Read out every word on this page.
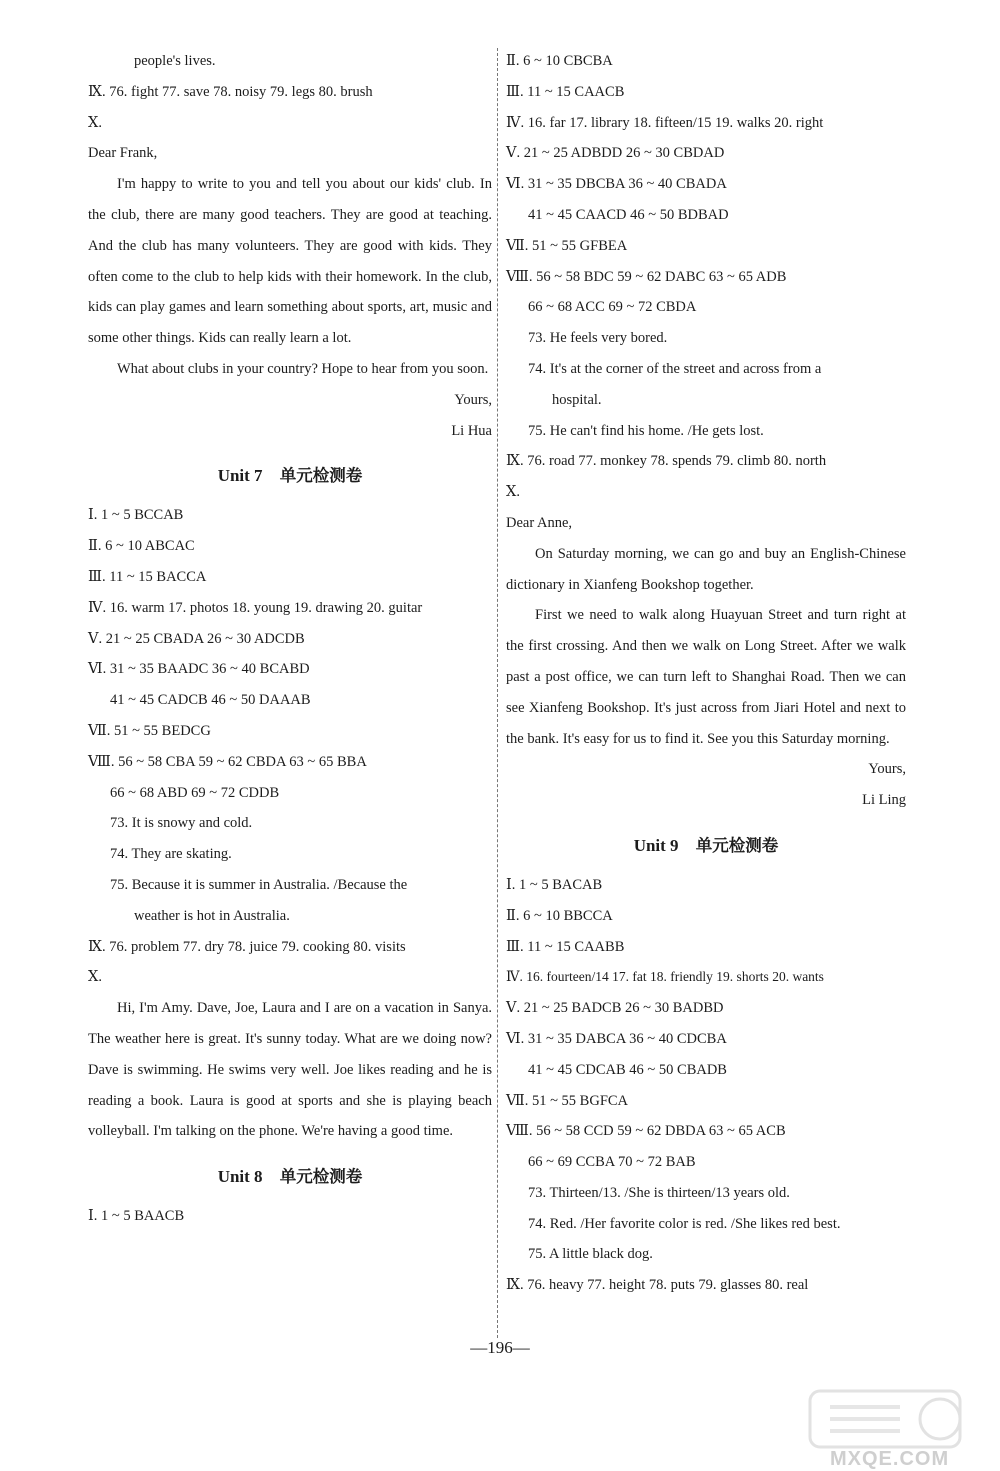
people's lives.
Ⅸ. 76. fight 77. save 78. noisy 79. legs 80. brush
Ⅹ.
Dear Frank,

I'm happy to write to you and tell you about our kids' club. In the club, there are many good teachers. They are good at teaching. And the club has many volunteers. They are good with kids. They often come to the club to help kids with their homework. In the club, kids can play games and learn something about sports, art, music and some other things. Kids can really learn a lot.

What about clubs in your country? Hope to hear from you soon.

Yours,
Li Hua
Unit 7 单元检测卷
Ⅰ. 1 ~ 5 BCCAB
Ⅱ. 6 ~ 10 ABCAC
Ⅲ. 11 ~ 15 BACCA
Ⅳ. 16. warm 17. photos 18. young 19. drawing 20. guitar
Ⅴ. 21 ~ 25 CBADA 26 ~ 30 ADCDB
Ⅵ. 31 ~ 35 BAADC 36 ~ 40 BCABD
41 ~ 45 CADCB 46 ~ 50 DAAAB
Ⅶ. 51 ~ 55 BEDCG
Ⅷ. 56 ~ 58 CBA 59 ~ 62 CBDA 63 ~ 65 BBA
66 ~ 68 ABD 69 ~ 72 CDDB
73. It is snowy and cold.
74. They are skating.
75. Because it is summer in Australia. /Because the
weather is hot in Australia.
Ⅸ. 76. problem 77. dry 78. juice 79. cooking 80. visits
Ⅹ.

Hi, I'm Amy. Dave, Joe, Laura and I are on a vacation in Sanya. The weather here is great. It's sunny today. What are we doing now? Dave is swimming. He swims very well. Joe likes reading and he is reading a book. Laura is good at sports and she is playing beach volleyball. I'm talking on the phone. We're having a good time.

Unit 8 单元检测卷
Ⅰ. 1 ~ 5 BAACB
Ⅱ. 6 ~ 10 CBCBA
Ⅲ. 11 ~ 15 CAACB
Ⅳ. 16. far 17. library 18. fifteen/15 19. walks 20. right
Ⅴ. 21 ~ 25 ADBDD 26 ~ 30 CBDAD
Ⅵ. 31 ~ 35 DBCBA 36 ~ 40 CBADA
41 ~ 45 CAACD 46 ~ 50 BDBAD
Ⅶ. 51 ~ 55 GFBEA
Ⅷ. 56 ~ 58 BDC 59 ~ 62 DABC 63 ~ 65 ADB
66 ~ 68 ACC 69 ~ 72 CBDA
73. He feels very bored.
74. It's at the corner of the street and across from a
hospital.
75. He can't find his home. /He gets lost.
Ⅸ. 76. road 77. monkey 78. spends 79. climb 80. north
Ⅹ.
Dear Anne,

On Saturday morning, we can go and buy an English-Chinese dictionary in Xianfeng Bookshop together.

First we need to walk along Huayuan Street and turn right at the first crossing. And then we walk on Long Street. After we walk past a post office, we can turn left to Shanghai Road. Then we can see Xianfeng Bookshop. It's just across from Jiari Hotel and next to the bank. It's easy for us to find it. See you this Saturday morning.

Yours,
Li Ling
Unit 9 单元检测卷
Ⅰ. 1 ~ 5 BACAB
Ⅱ. 6 ~ 10 BBCCA
Ⅲ. 11 ~ 15 CAABB
Ⅳ. 16. fourteen/14 17. fat 18. friendly 19. shorts 20. wants
Ⅴ. 21 ~ 25 BADCB 26 ~ 30 BADBD
Ⅵ. 31 ~ 35 DABCA 36 ~ 40 CDCBA
41 ~ 45 CDCAB 46 ~ 50 CBADB
Ⅶ. 51 ~ 55 BGFCA
Ⅷ. 56 ~ 58 CCD 59 ~ 62 DBDA 63 ~ 65 ACB
66 ~ 69 CCBA 70 ~ 72 BAB
73. Thirteen/13. /She is thirteen/13 years old.
74. Red. /Her favorite color is red. /She likes red best.
75. A little black dog.
Ⅸ. 76. heavy 77. height 78. puts 79. glasses 80. real
—196—
MXQE.COM
